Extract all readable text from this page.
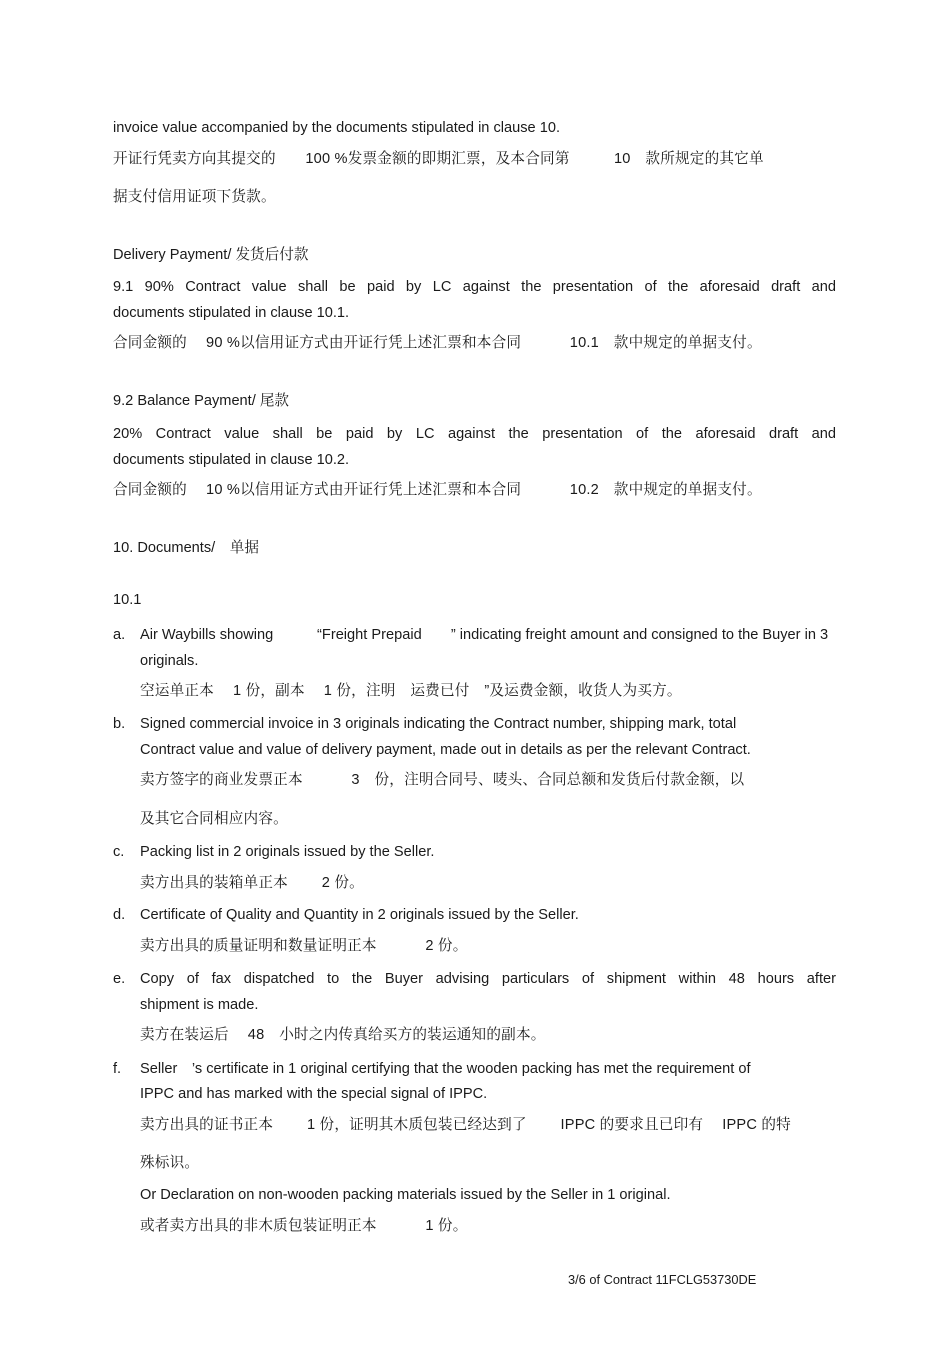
invoice value accompanied by the documents stipulated in clause 10.
开证行凭卖方向其提交的　　100 %发票金额的即期汇票，及本合同第　　　10　款所规定的其它单
据支付信用证项下货款。
Delivery Payment/ 发货后付款
9.1 90% Contract value shall be paid by LC against the presentation of the aforesaid draft and
documents stipulated in clause 10.1.
合同金额的　 90 %以信用证方式由开证行凭上述汇票和本合同　　　 10.1　款中规定的单据支付。
9.2 Balance Payment/ 尾款
20% Contract value shall be paid by LC against the presentation of the aforesaid draft and
documents stipulated in clause 10.2.
合同金额的　 10 %以信用证方式由开证行凭上述汇票和本合同　　　 10.2　款中规定的单据支付。
10. Documents/　单据
10.1
a. Air Waybills showing　　　“Freight Prepaid　　” indicating freight amount and consigned to the Buyer in 3
originals.
空运单正本　 1 份，副本　 1 份，注明　运费已付　”及运费金额，收货人为买方。
b. Signed commercial invoice in 3 originals indicating the Contract number, shipping mark, total
Contract value and value of delivery payment, made out in details as per the relevant Contract.
卖方签字的商业发票正本　　　 3　份，注明合同号、唛头、合同总额和发货后付款金额，以
及其它合同相应内容。
c. Packing list in 2 originals issued by the Seller.
卖方出具的装箱单正本　　 2 份。
d. Certificate of Quality and Quantity in 2 originals issued by the Seller.
卖方出具的质量证明和数量证明正本　　　 2 份。
e. Copy of fax dispatched to the Buyer advising particulars of shipment within 48 hours after
shipment is made.
卖方在装运后　 48　小时之内传真给买方的装运通知的副本。
f. Seller　’s certificate in 1 original certifying that the wooden packing has met the requirement of
IPPC and has marked with the special signal of IPPC.
卖方出具的证书正本　　 1 份，证明其木质包装已经达到了　　 IPPC 的要求且已印有　 IPPC 的特
殊标识。
Or Declaration on non-wooden packing materials issued by the Seller in 1 original.
或者卖方出具的非木质包装证明正本　　　 1 份。
3/6 of Contract 11FCLG53730DE
